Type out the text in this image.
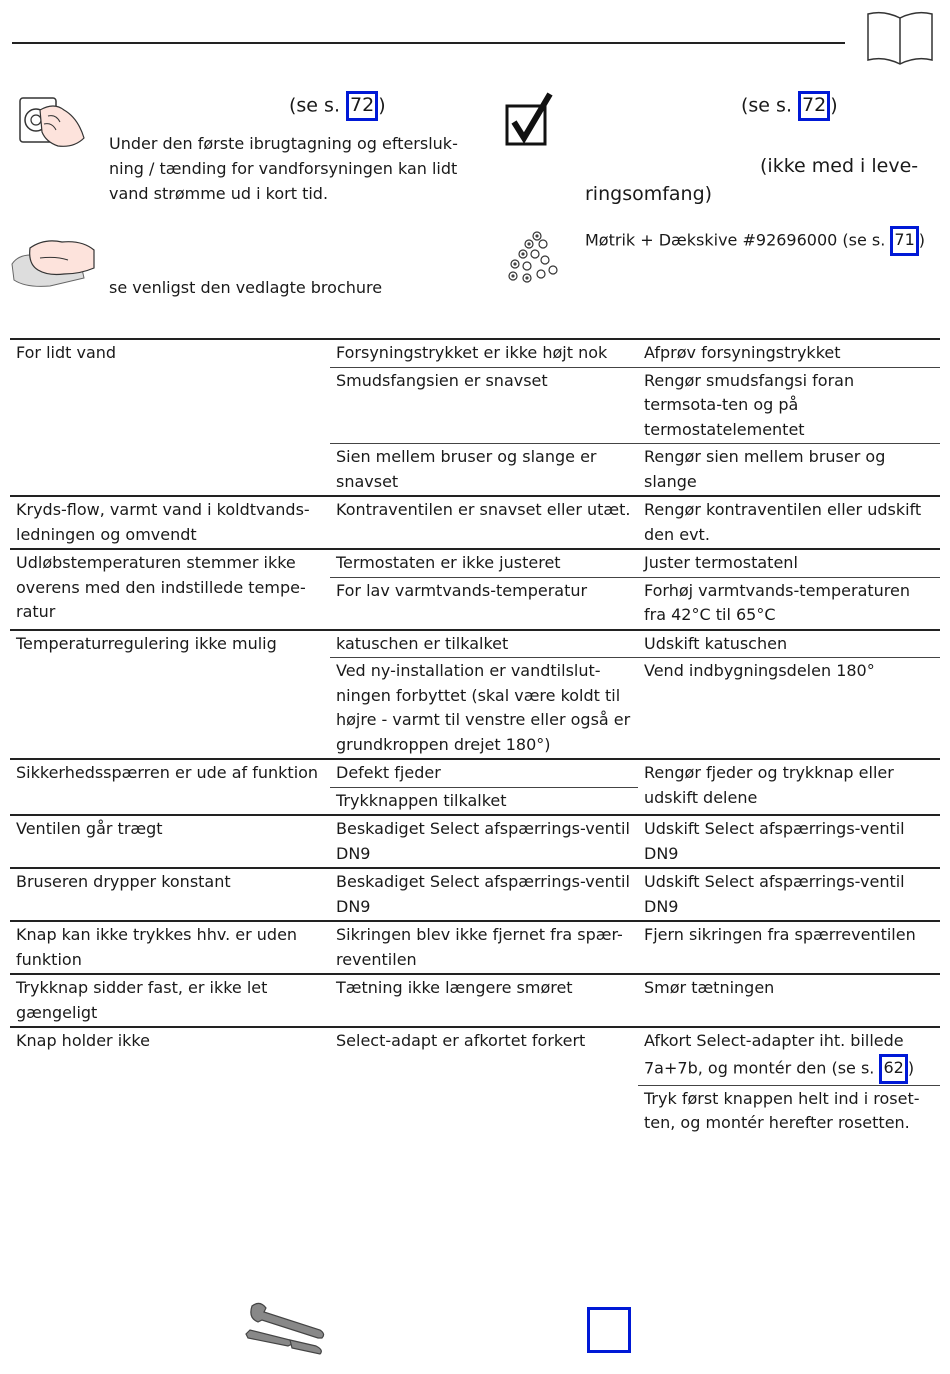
(se s. 72 )
Under den første ibrugtagning og eftersluk-
ning / tænding for vandforsyningen kan lidt
vand strømme ud i kort tid.
(se s. 72 )
(ikke med i leve-
ringsomfang)
Møtrik + Dækskive #92696000 (se s. 71 )
se venligst den vedlagte brochure
For lidt vand	Forsyningstrykket er ikke højt nok	Afprøv forsyningstrykket
	Smudsfangsien er snavset	Rengør smudsfangsi foran termsota-ten og på termostatelementet
	Sien mellem bruser og slange er snavset	Rengør sien mellem bruser og slange
Kryds-flow, varmt vand i koldtvands-ledningen og omvendt	Kontraventilen er snavset eller utæt.	Rengør kontraventilen eller udskift den evt.
Udløbstemperaturen stemmer ikke overens med den indstillede tempe-ratur	Termostaten er ikke justeret	Juster termostatenl
	For lav varmtvands-temperatur	Forhøj varmtvands-temperaturen fra 42°C til 65°C
Temperaturregulering ikke mulig	katuschen er tilkalket	Udskift katuschen
	Ved ny-installation er vandtilslut-ningen forbyttet (skal være koldt til højre - varmt til venstre eller også er grundkroppen drejet 180°)	Vend indbygningsdelen 180°
Sikkerhedsspærren er ude af funktion	Defekt fjeder	Rengør fjeder og trykknap eller udskift delene
	Trykknappen tilkalket	
Ventilen går trægt	Beskadiget Select afspærrings-ventil DN9	Udskift Select afspærrings-ventil DN9
Bruseren drypper konstant	Beskadiget Select afspærrings-ventil DN9	Udskift Select afspærrings-ventil DN9
Knap kan ikke trykkes hhv. er uden funktion	Sikringen blev ikke fjernet fra spær-reventilen	Fjern sikringen fra spærreventilen
Trykknap sidder fast, er ikke let gængeligt	Tætning ikke længere smøret	Smør tætningen
Knap holder ikke	Select-adapt er afkortet forkert	Afkort Select-adapter iht. billede 7a+7b, og montér den (se s. 62 )
		Tryk først knappen helt ind i roset-ten, og montér herefter rosetten.
